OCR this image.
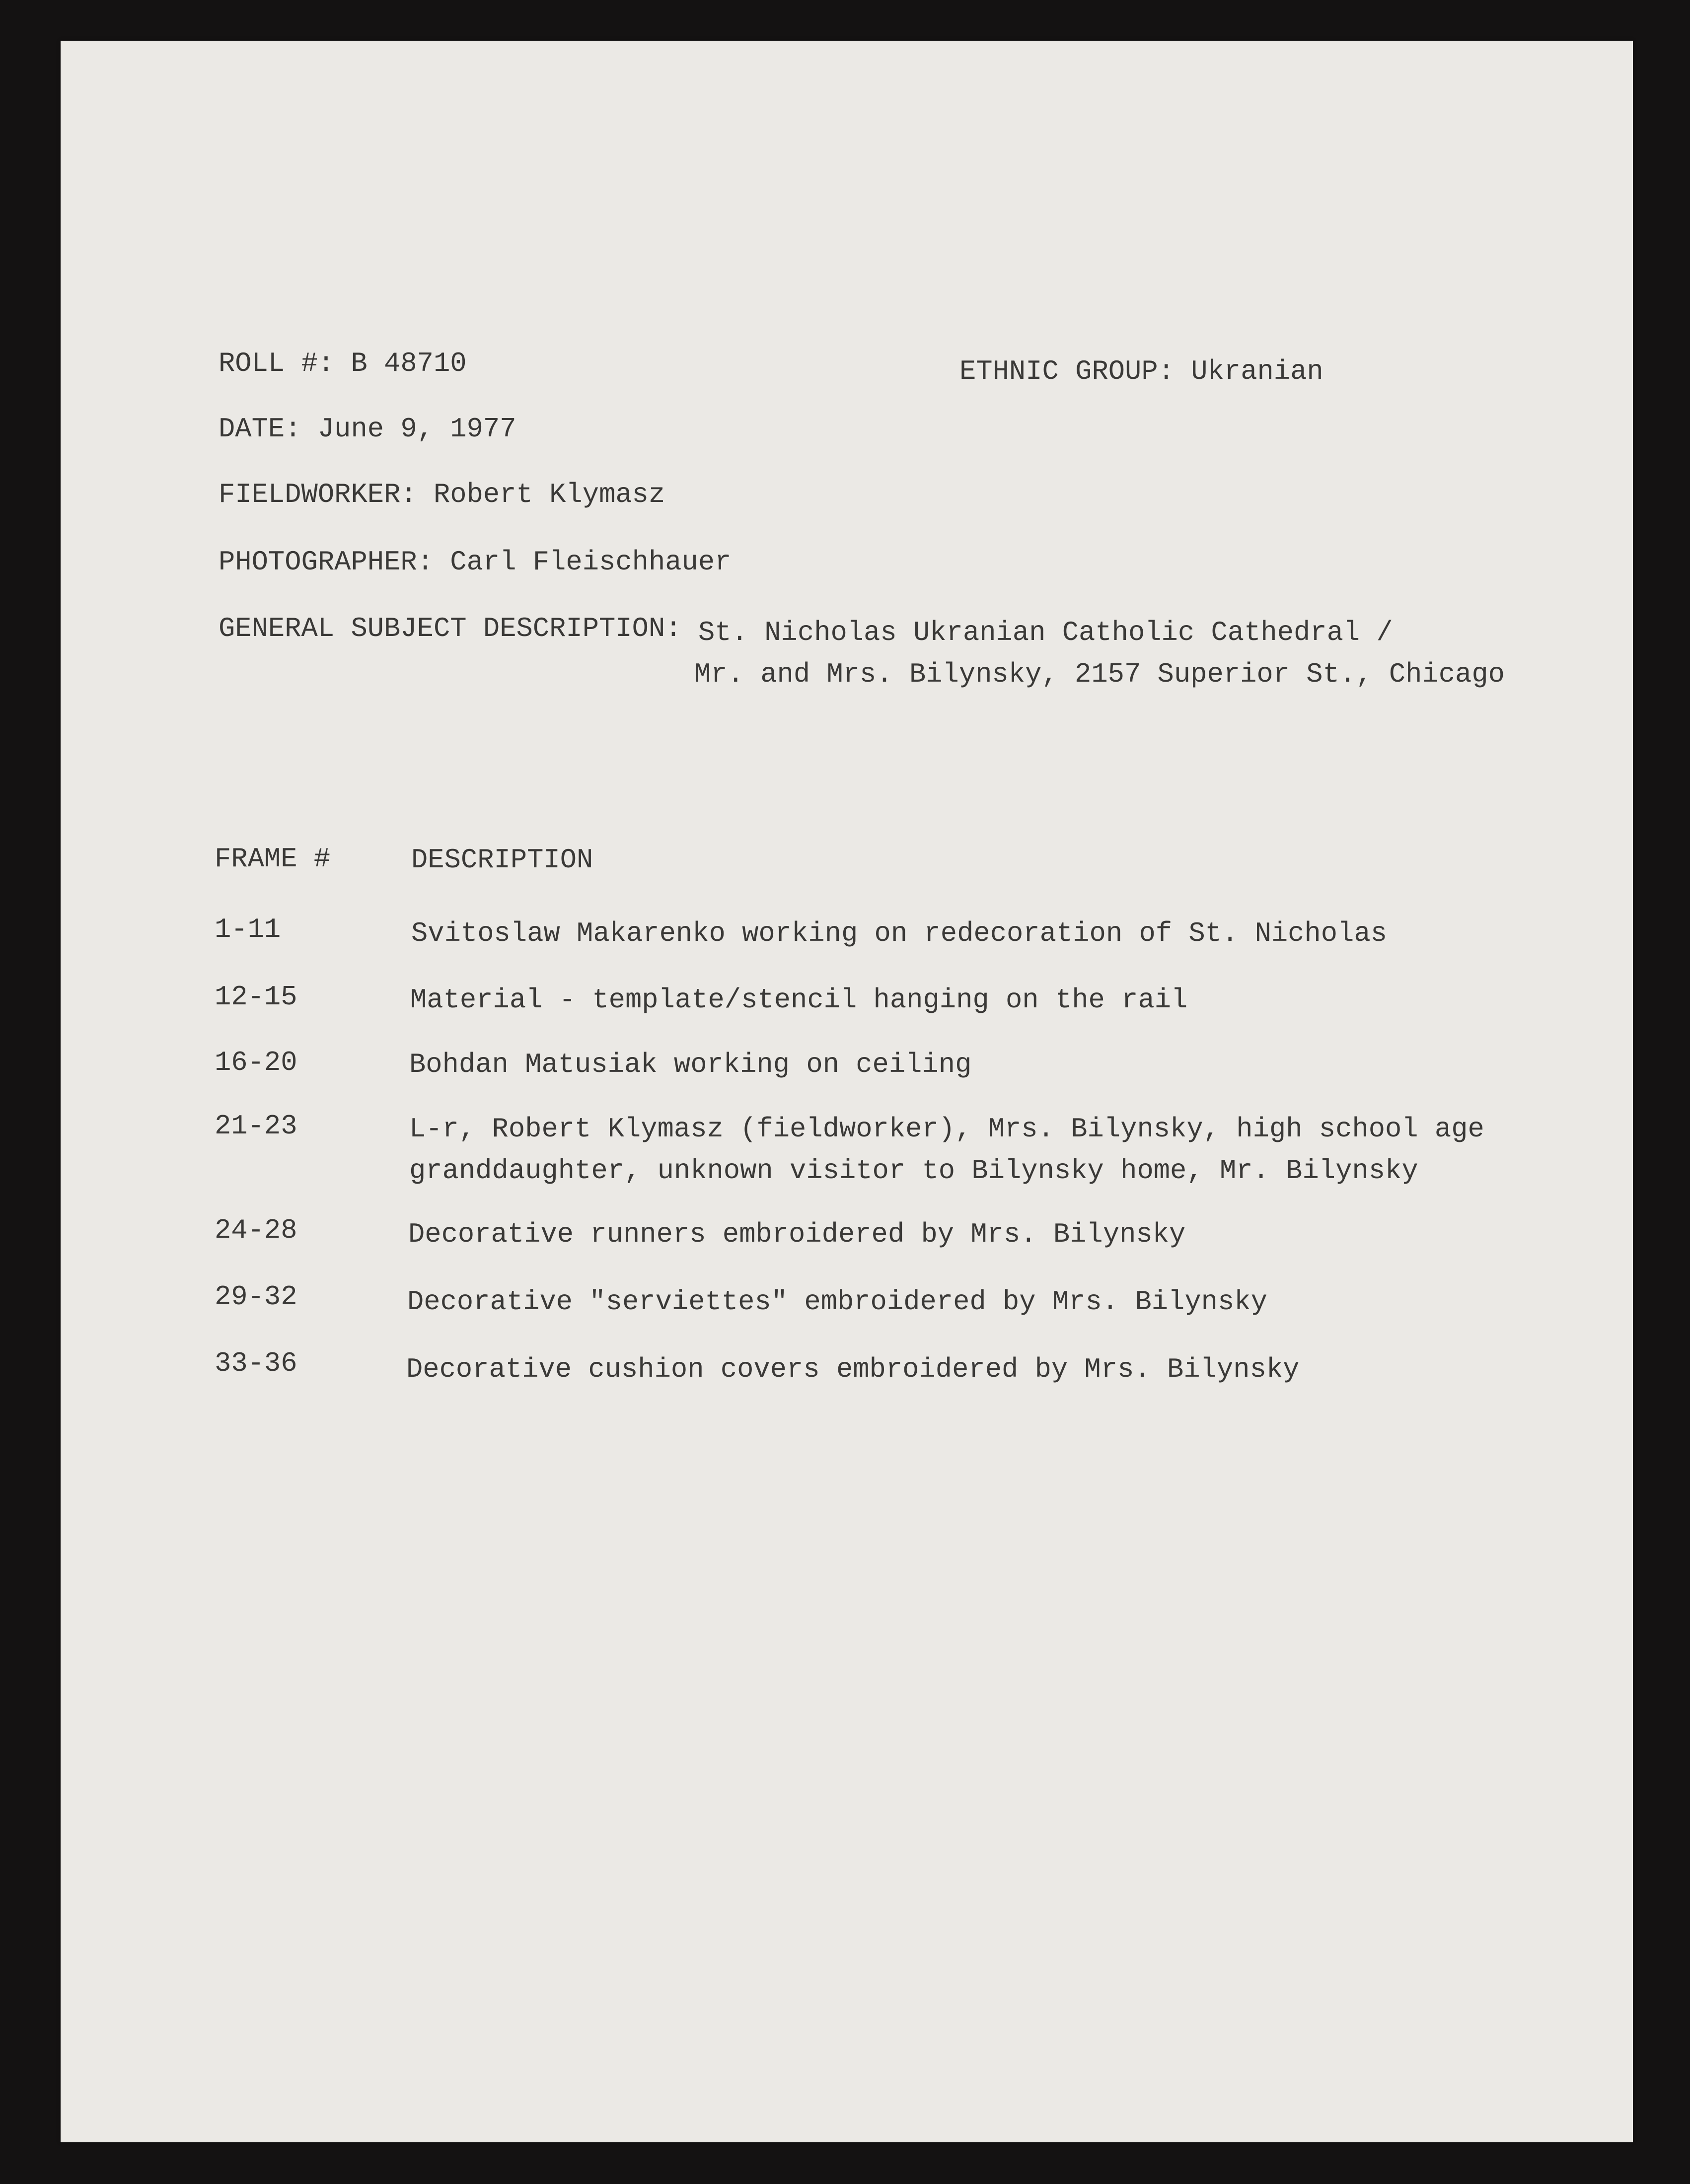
ROLL #: B 48710	ETHNIC GROUP: Ukranian
DATE: June 9, 1977
FIELDWORKER: Robert Klymasz
PHOTOGRAPHER: Carl Fleischhauer
GENERAL SUBJECT DESCRIPTION: St. Nicholas Ukranian Catholic Cathedral /
Mr. and Mrs. Bilynsky, 2157 Superior St., Chicago
FRAME #	DESCRIPTION
1-11	Svitoslaw Makarenko working on redecoration of St. Nicholas
12-15	Material - template/stencil hanging on the rail
16-20	Bohdan Matusiak working on ceiling
21-23	L-r, Robert Klymasz (fieldworker), Mrs. Bilynsky, high school age
granddaughter, unknown visitor to Bilynsky home, Mr. Bilynsky
24-28	Decorative runners embroidered by Mrs. Bilynsky
29-32	Decorative "serviettes" embroidered by Mrs. Bilynsky
33-36	Decorative cushion covers embroidered by Mrs. Bilynsky
